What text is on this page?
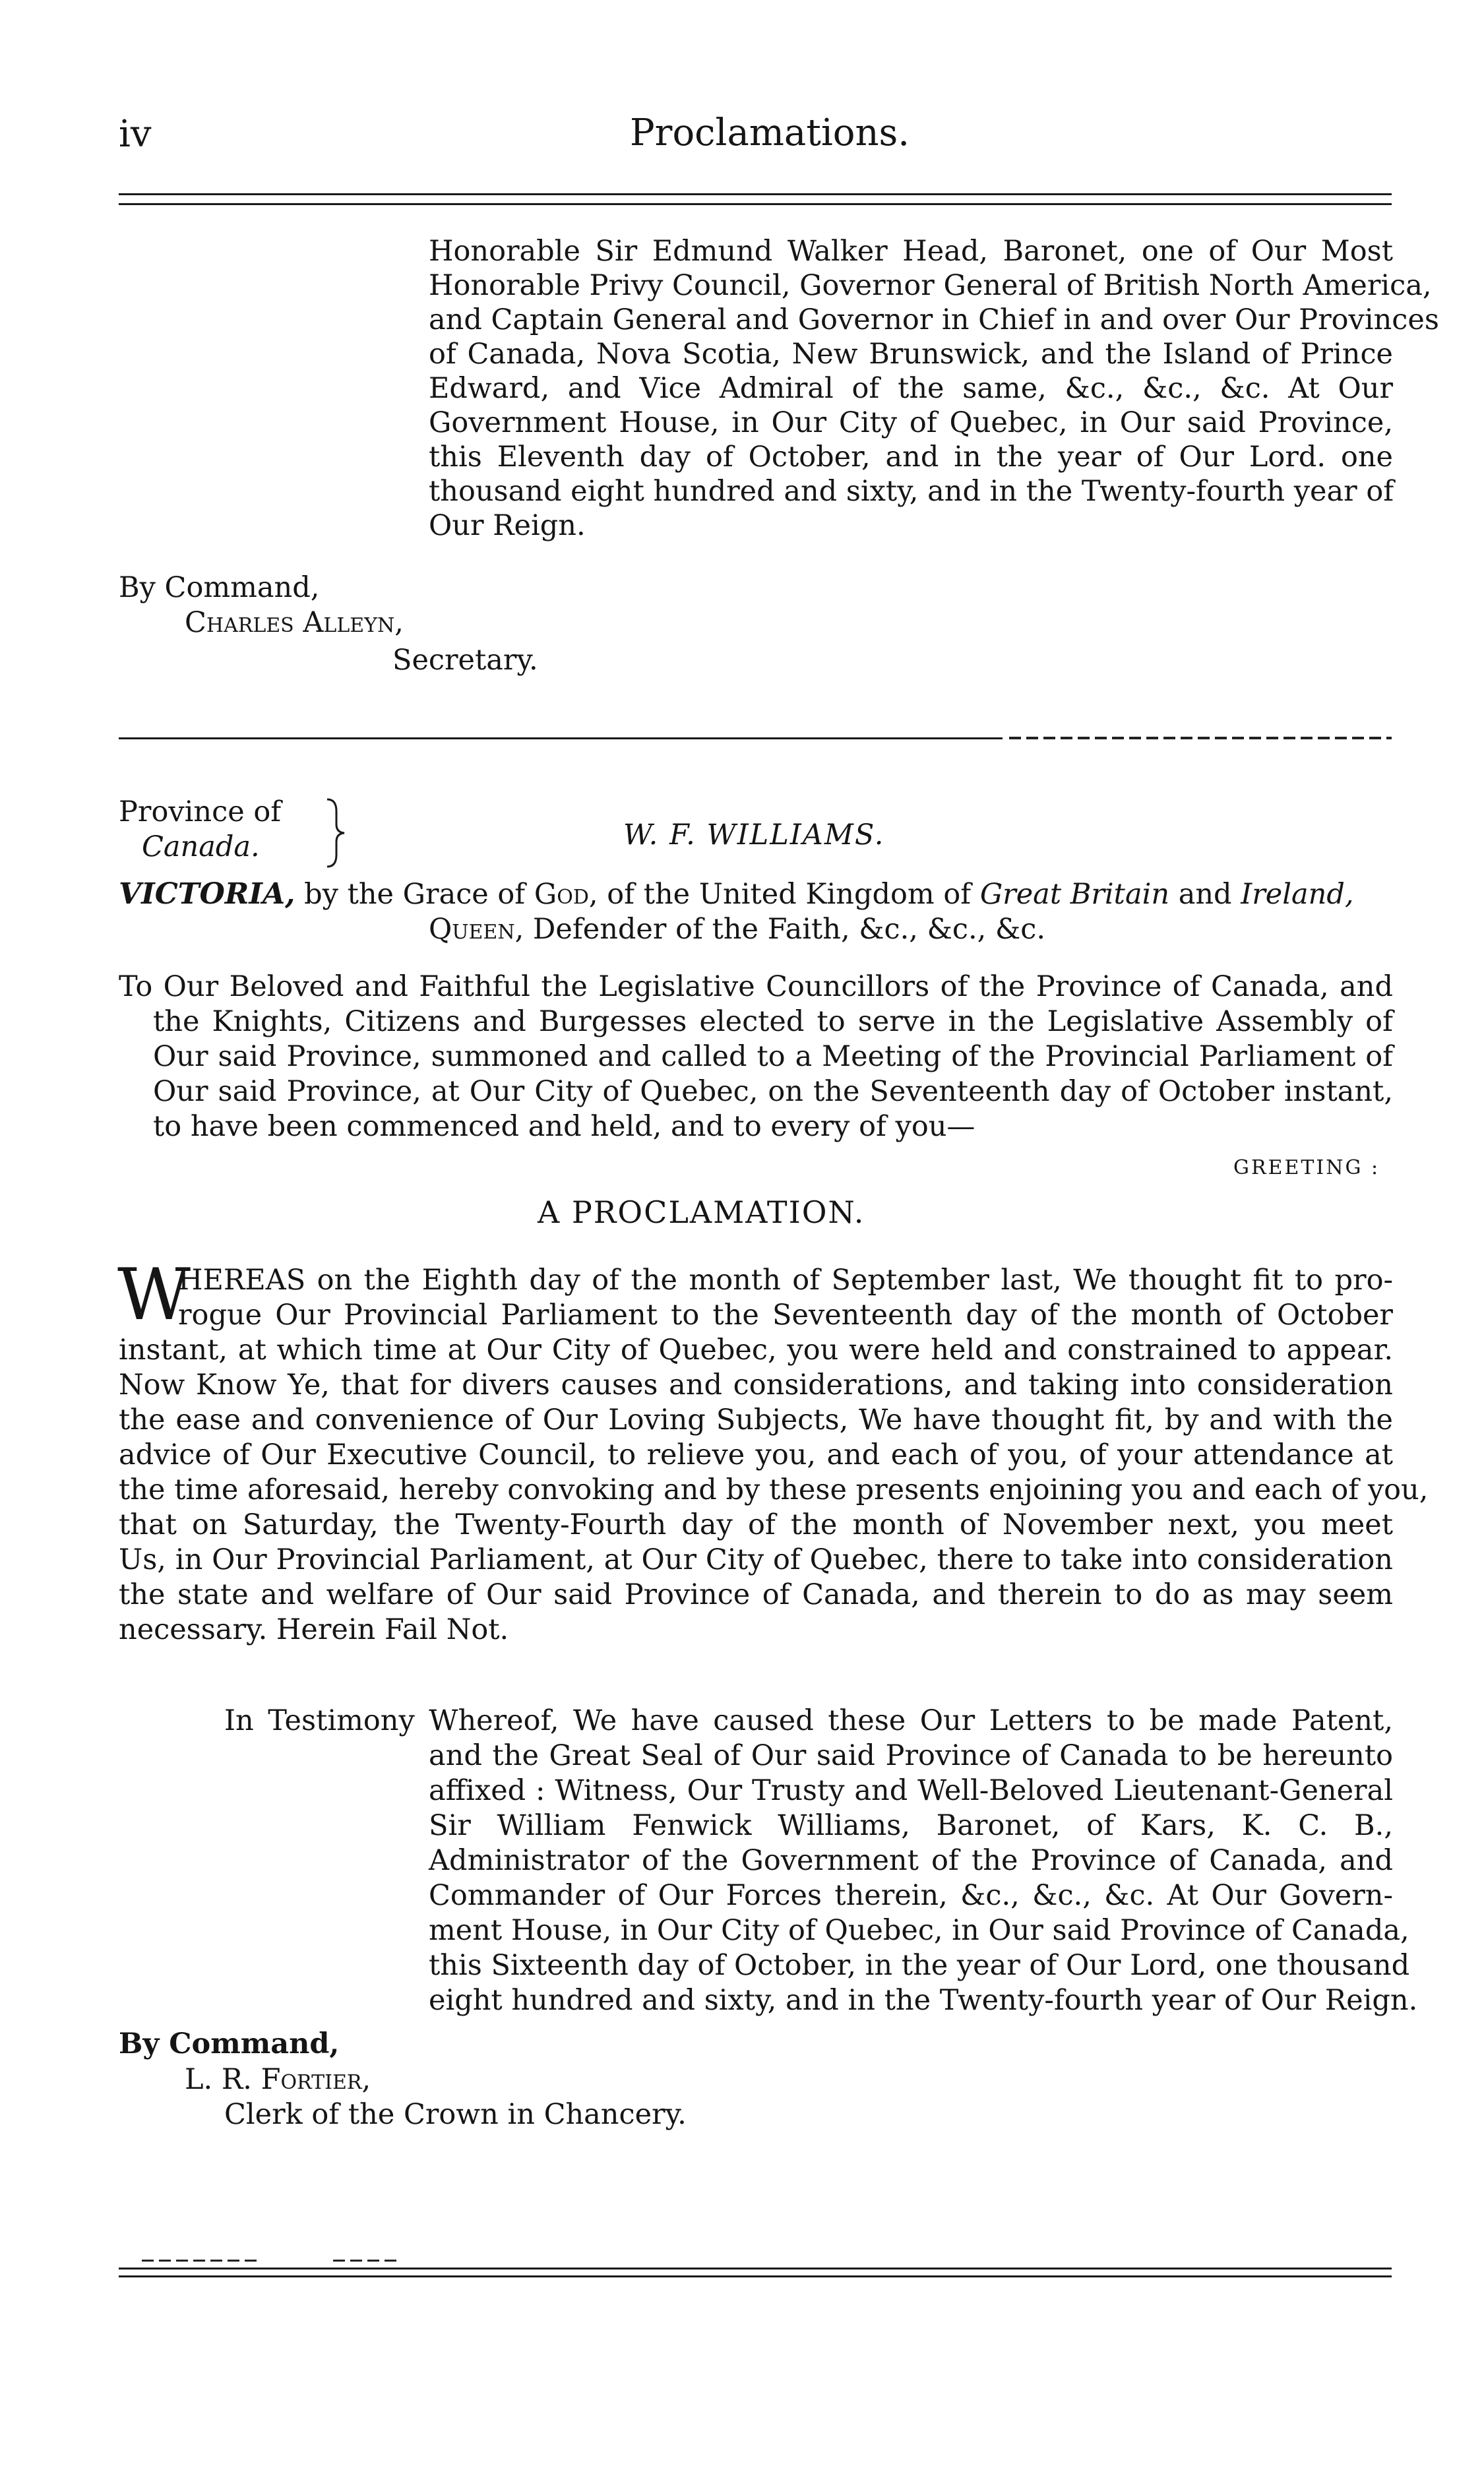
iv	Proclamations.
Honorable Sir Edmund Walker Head, Baronet, one of Our Most
Honorable Privy Council, Governor General of British North America,
and Captain General and Governor in Chief in and over Our Provinces
of Canada, Nova Scotia, New Brunswick, and the Island of Prince
Edward, and Vice Admiral of the same, &c., &c., &c. At Our
Government House, in Our City of Quebec, in Our said Province,
this Eleventh day of October, and in the year of Our Lord. one
thousand eight hundred and sixty, and in the Twenty-fourth year of
Our Reign.
By Command,
Charles Alleyn,
Secretary.
Province of
Canada.	W. F. WILLIAMS.
VICTORIA, by the Grace of God, of the United Kingdom of Great Britain and Ireland,
Queen, Defender of the Faith, &c., &c., &c.
To Our Beloved and Faithful the Legislative Councillors of the Province of Canada, and
the Knights, Citizens and Burgesses elected to serve in the Legislative Assembly of
Our said Province, summoned and called to a Meeting of the Provincial Parliament of
Our said Province, at Our City of Quebec, on the Seventeenth day of October instant,
to have been commenced and held, and to every of you—
GREETING :
A PROCLAMATION.
W
HEREAS on the Eighth day of the month of September last, We thought fit to pro-
rogue Our Provincial Parliament to the Seventeenth day of the month of October
instant, at which time at Our City of Quebec, you were held and constrained to appear.
Now Know Ye, that for divers causes and considerations, and taking into consideration
the ease and convenience of Our Loving Subjects, We have thought fit, by and with the
advice of Our Executive Council, to relieve you, and each of you, of your attendance at
the time aforesaid, hereby convoking and by these presents enjoining you and each of you,
that on Saturday, the Twenty-Fourth day of the month of November next, you meet
Us, in Our Provincial Parliament, at Our City of Quebec, there to take into consideration
the state and welfare of Our said Province of Canada, and therein to do as may seem
necessary. Herein Fail Not.
In Testimony Whereof, We have caused these Our Letters to be made Patent,
and the Great Seal of Our said Province of Canada to be hereunto
affixed : Witness, Our Trusty and Well-Beloved Lieutenant-General
Sir William Fenwick Williams, Baronet, of Kars, K. C. B.,
Administrator of the Government of the Province of Canada, and
Commander of Our Forces therein, &c., &c., &c. At Our Govern-
ment House, in Our City of Quebec, in Our said Province of Canada,
this Sixteenth day of October, in the year of Our Lord, one thousand
eight hundred and sixty, and in the Twenty-fourth year of Our Reign.
By Command,
L. R. Fortier,
Clerk of the Crown in Chancery.
